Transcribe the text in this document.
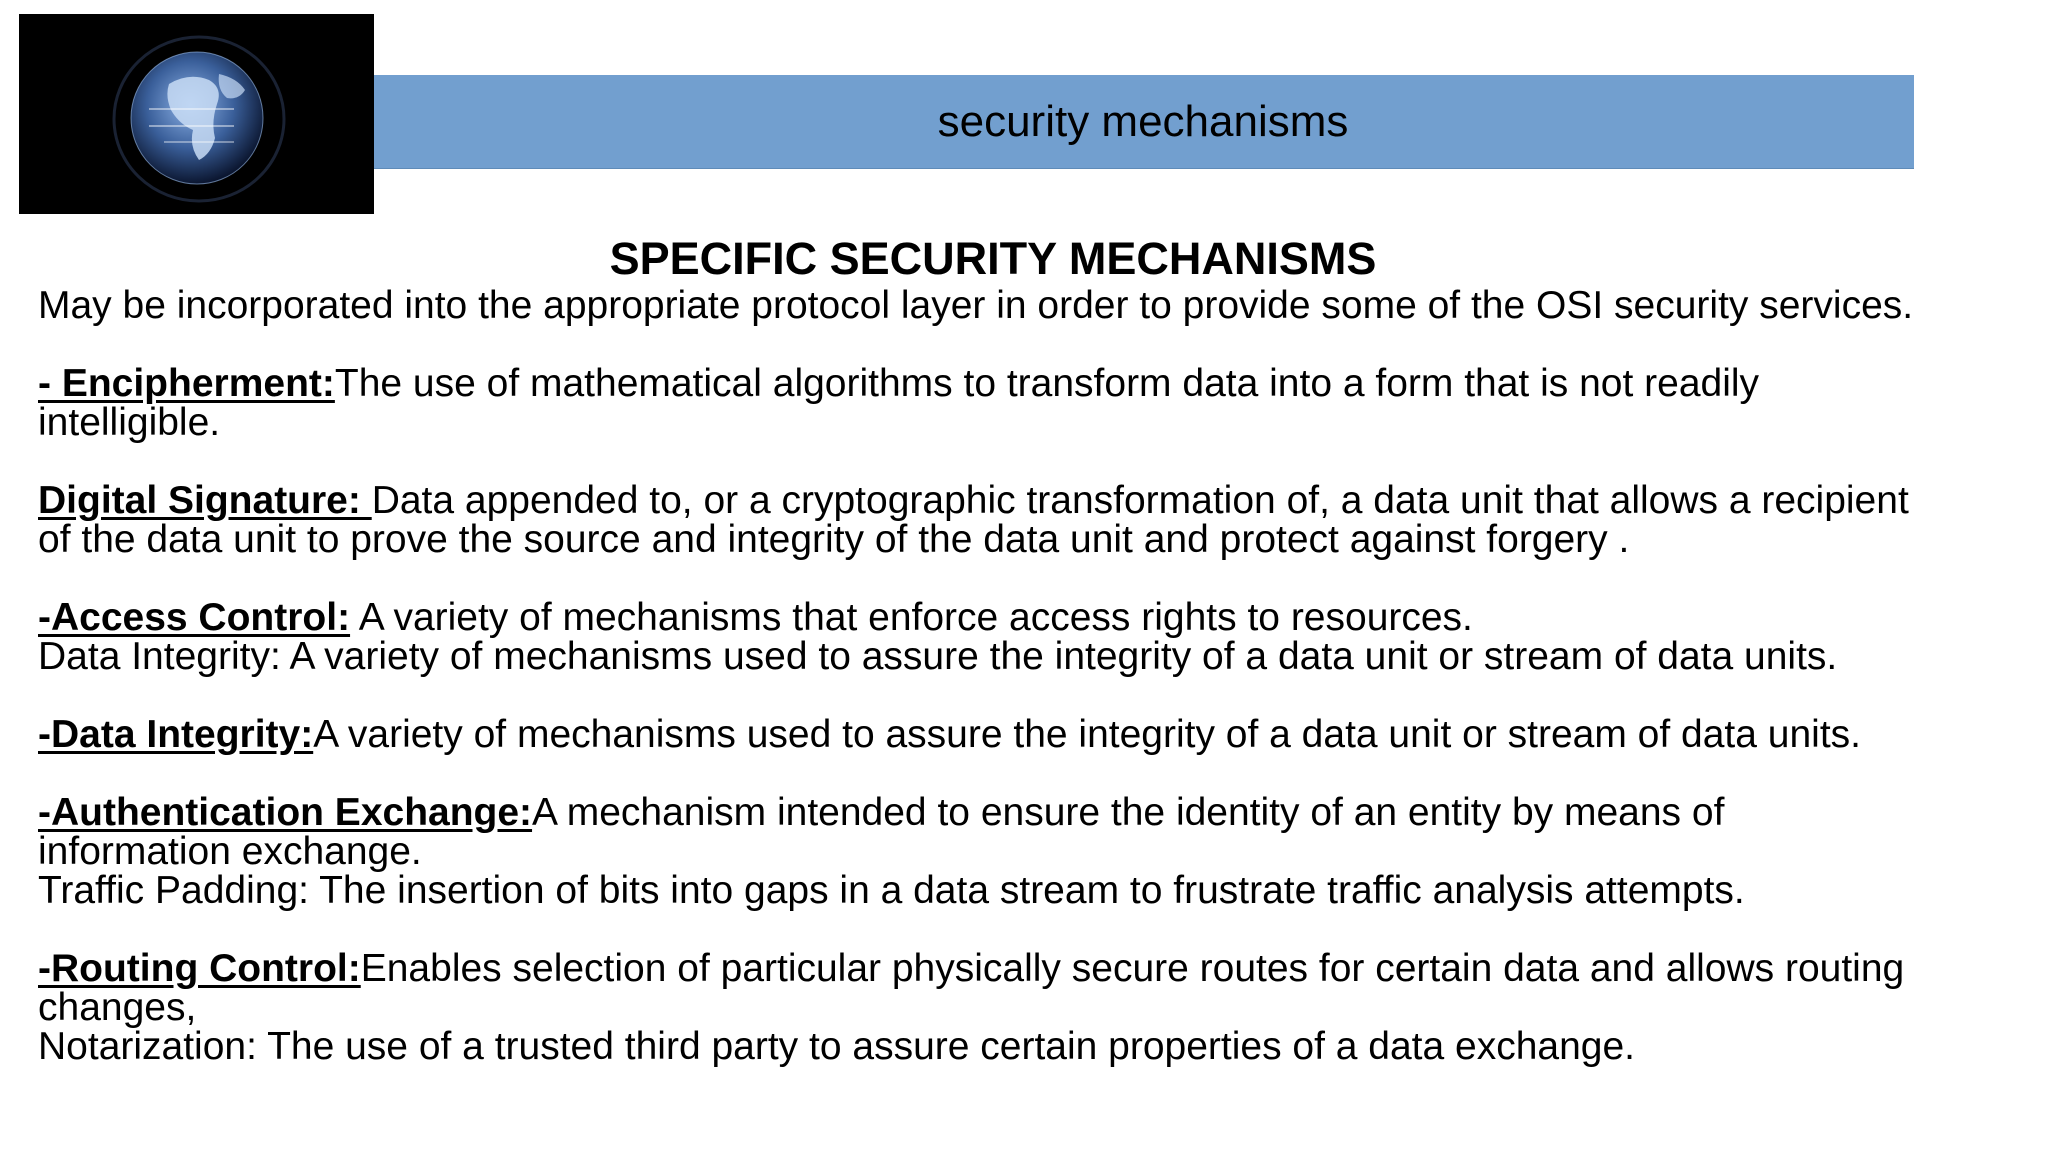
security mechanisms
SPECIFIC SECURITY MECHANISMS
May be incorporated into the appropriate protocol layer in order to provide some of the OSI security services.
- Encipherment:The use of mathematical algorithms to transform data into a form that is not readily
intelligible.
Digital Signature: Data appended to, or a cryptographic transformation of, a data unit that allows a recipient
of the data unit to prove the source and integrity of the data unit and protect against forgery .
-Access Control: A variety of mechanisms that enforce access rights to resources.
Data Integrity: A variety of mechanisms used to assure the integrity of a data unit or stream of data units.
-Data Integrity:A variety of mechanisms used to assure the integrity of a data unit or stream of data units.
-Authentication Exchange:A mechanism intended to ensure the identity of an entity by means of
information exchange.
Traffic Padding: The insertion of bits into gaps in a data stream to frustrate traffic analysis attempts.
-Routing Control:Enables selection of particular physically secure routes for certain data and allows routing
changes,
Notarization: The use of a trusted third party to assure certain properties of a data exchange.
